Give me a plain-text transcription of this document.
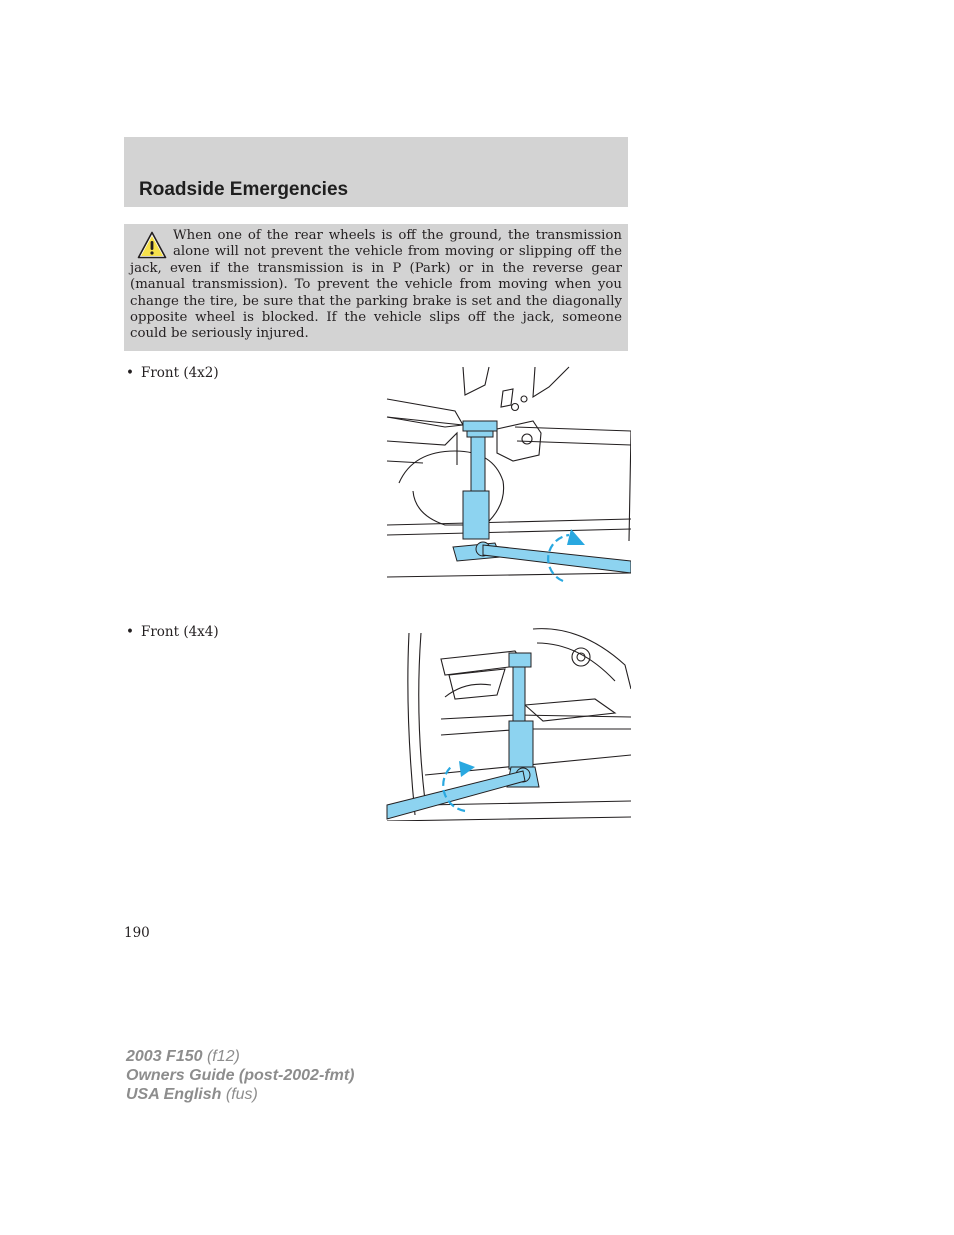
Roadside Emergencies

When one of the rear wheels is off the ground, the transmission alone will not prevent the vehicle from moving or slipping off the jack, even if the transmission is in P (Park) or in the reverse gear (manual transmission). To prevent the vehicle from moving when you change the tire, be sure that the parking brake is set and the diagonally opposite wheel is blocked. If the vehicle slips off the jack, someone could be seriously injured.

• Front (4x2)
• Front (4x4)
190
2003 F150 (f12)
Owners Guide (post-2002-fmt)
USA English (fus)
